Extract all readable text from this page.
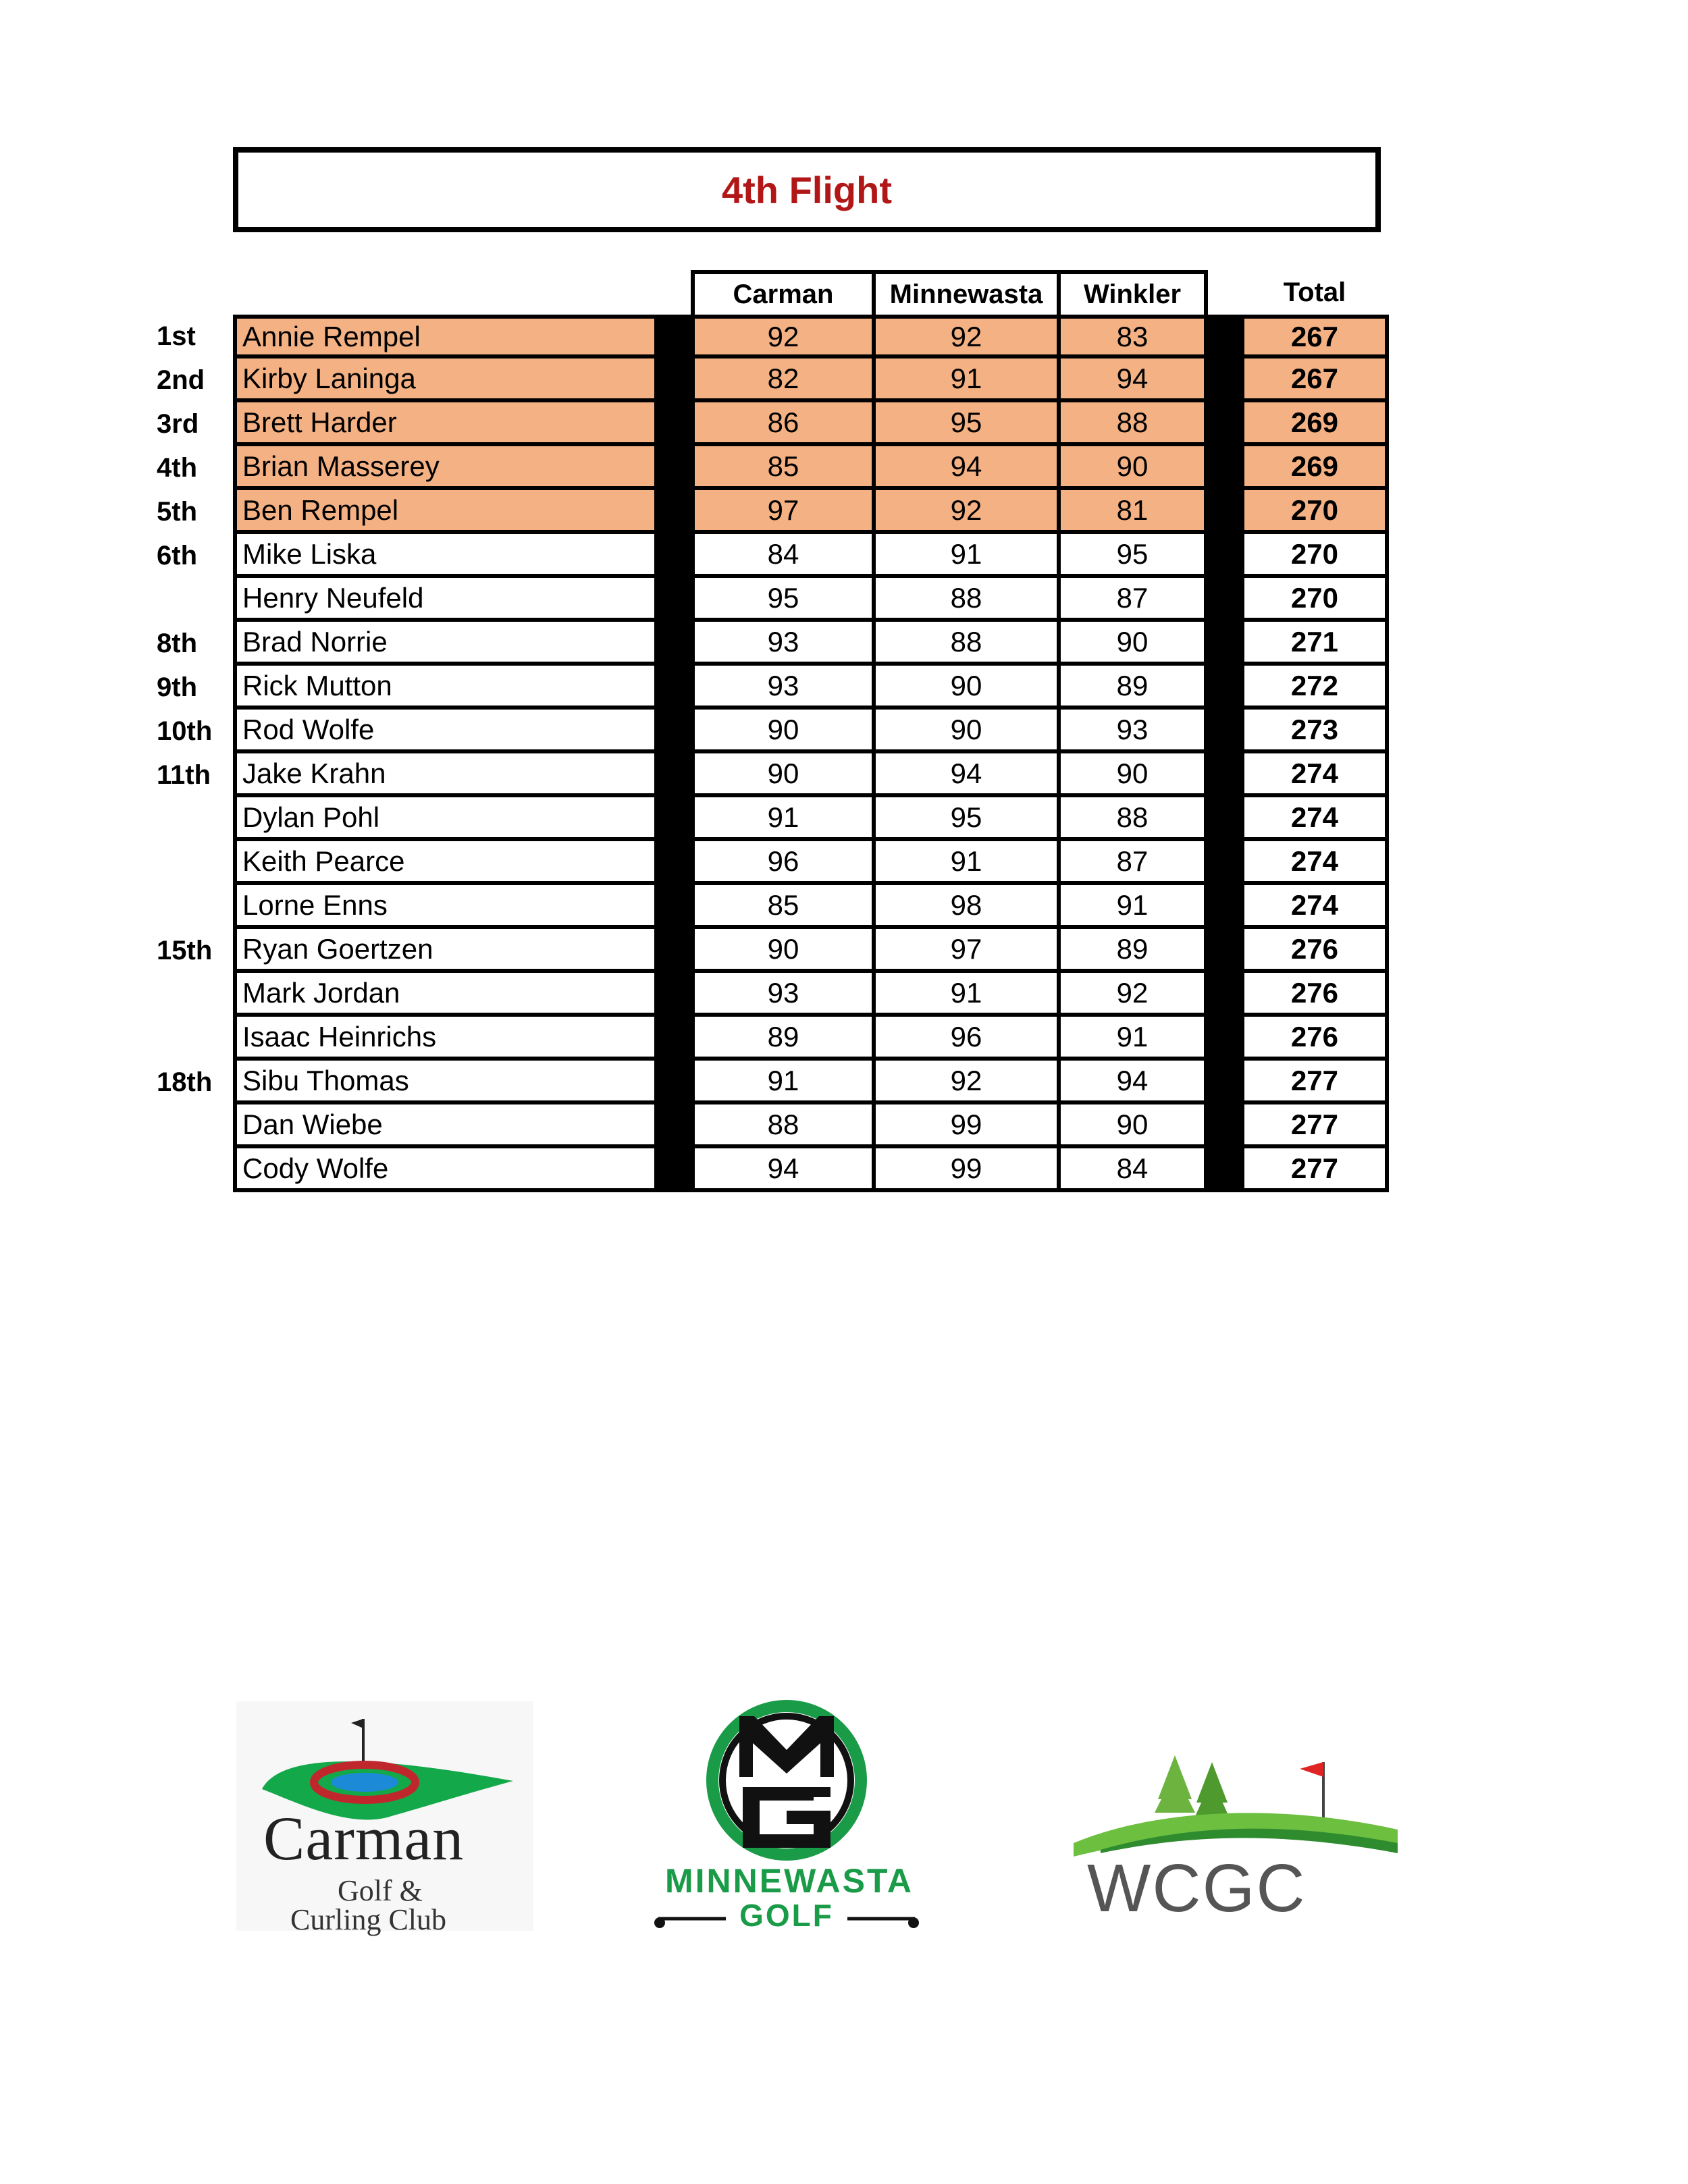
4th Flight
			Carman	Minnewasta	Winkler		Total
1st	Annie Rempel		92	92	83		267
2nd	Kirby Laninga		82	91	94		267
3rd	Brett Harder		86	95	88		269
4th	Brian Masserey		85	94	90		269
5th	Ben Rempel		97	92	81		270
6th	Mike Liska		84	91	95		270
	Henry Neufeld		95	88	87		270
8th	Brad Norrie		93	88	90		271
9th	Rick Mutton		93	90	89		272
10th	Rod Wolfe		90	90	93		273
11th	Jake Krahn		90	94	90		274
	Dylan Pohl		91	95	88		274
	Keith Pearce		96	91	87		274
	Lorne Enns		85	98	91		274
15th	Ryan Goertzen		90	97	89		276
	Mark Jordan		93	91	92		276
	Isaac Heinrichs		89	96	91		276
18th	Sibu Thomas		91	92	94		277
	Dan Wiebe		88	99	90		277
	Cody Wolfe		94	99	84		277
Carman
Golf &
Curling Club
MINNEWASTA
GOLF	WCGC
